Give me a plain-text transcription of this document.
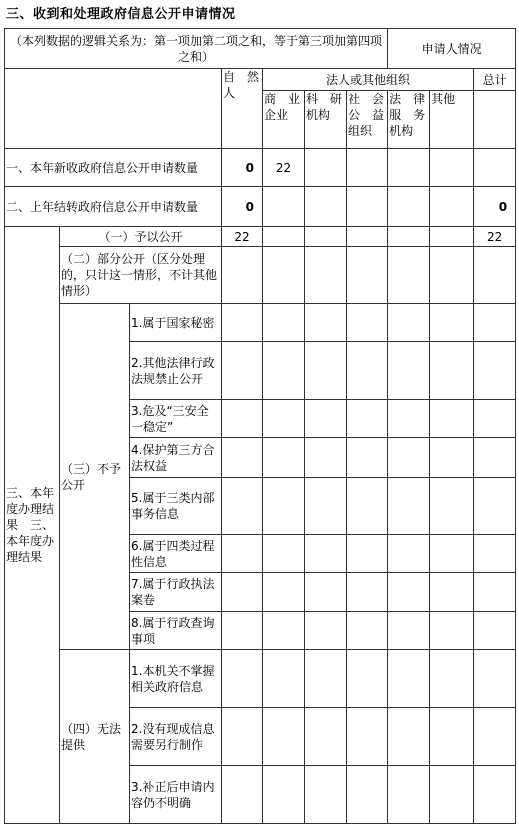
三、收到和处理政府信息公开申请情况
（本列数据的逻辑关系为：第一项加第二项之和，等于第三项加第四项之和）							申请人情况		
			自　然人	法人或其他组织					总计
				商　业企业	科　研机构	社　会公　益组织	法　律服　务机构	其他	
一、本年新收政府信息公开申请数量			0	22					
二、上年结转政府信息公开申请数量			0						0
三、本年度办理结果　三、本年度办理结果	（一）予以公开		22						22
	（二）部分公开（区分处理的，只计这一情形，不计其他情形）								
	（三）不予公开	1.属于国家秘密							
		2.其他法律行政法规禁止公开							
		3.危及“三安全一稳定”							
		4.保护第三方合法权益							
		5.属于三类内部事务信息							
		6.属于四类过程性信息							
		7.属于行政执法案卷							
		8.属于行政查询事项							
	（四）无法提供	1.本机关不掌握相关政府信息							
		2.没有现成信息需要另行制作							
		3.补正后申请内容仍不明确							
